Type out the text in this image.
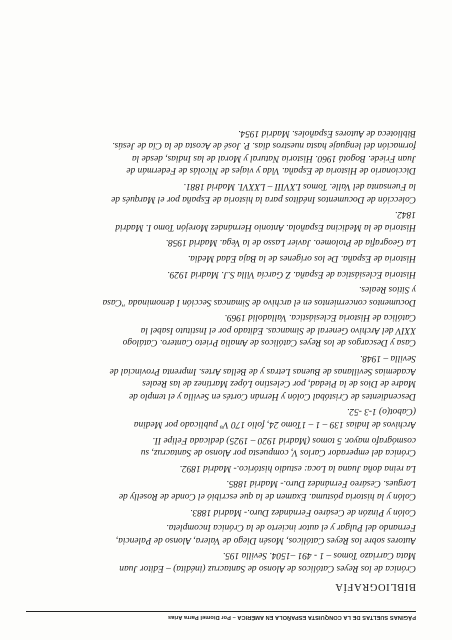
PÁGINAS SUELTAS DE LA CONQUISTA ESPAÑOLA EN AMÉRICA – Por Diomel Parra Arias
BIBLIOGRAFÍA
Crónica de los Reyes Católicos de Alonso de Santacruz (inédita) – Editor Juan
Mata Carriazo Tomos – 1 - 491 –1504. Sevilla 195.
Autores sobre los Reyes Católicos, Mosén Diego de Valera, Alonso de Palencia,
Fernando del Pulgar y el autor incierto de la Crónica Incompleta.
Colón y Pinzón de Cesáreo Fernández Duro.- Madrid 1883.
Colón y la historia póstuma. Examen de la que escribió el Conde de Roselly de
Lorgues. Cesáreo Fernández Duro.- Madrid 1885.
La reina doña Juana la Loca: estudio histórico.- Madrid 1892.
Crónica del emperador Carlos V, compuesta por Alonso de Santacruz, su
cosmógrafo mayor. 5 tomos (Madrid 1920 – 1925) dedicada Felipe II.
Archivos de Indias 139 – 1 – 1Tomo 24, folio 170 Vº publicado por Medina
(Cabot(o) 1-3 -52.
Descendientes de Cristóbal Colón y Hernán Cortés en Sevilla y el templo de
Madre de Dios de la Piedad, por Celestino López Martínez de las Reales
Academias Sevillanas de Buenas Letras y de Bellas Artes. Imprenta Provincial de
Sevilla – 1948.
Casa y Descargos de los Reyes Católicos de Amalia Prieto Cantero. Catálogo
XXIV del Archivo General de Simancas. Editado por el Instituto Isabel la
Católica de Historia Eclesiástica. Valladolid 1969.
Documentos concernientos en el archivo de Simancas Sección I denominada "Casa
y Sitios Reales.
Historia Eclesiástica de España. Z García Villa S.J. Madrid 1929.
Historia de España. De los orígenes de la Baja Edad Media.
La Geografía de Ptolomeo. Javier Lasso de la Vega. Madrid 1958.
Historia de la Medicina Española. Antonio Hernández Morejón Tomo I. Madrid
1842.
Colección de Documentos Inéditos para la historia de España por el Marqués de
la Fuensanta del Valle. Tomos LXVIII – LXXVI. Madrid 1881.
Diccionario de Historia de España. Vida y viajes de Nicolás de Federmán de
Juan Friede. Bogotá 1960. Historia Natural y Moral de las Indias, desde la
formación del lenguaje hasta nuestros días. P. José de Acosta de la Cía de Jesús.
Biblioteca de Autores Españoles. Madrid 1954.
